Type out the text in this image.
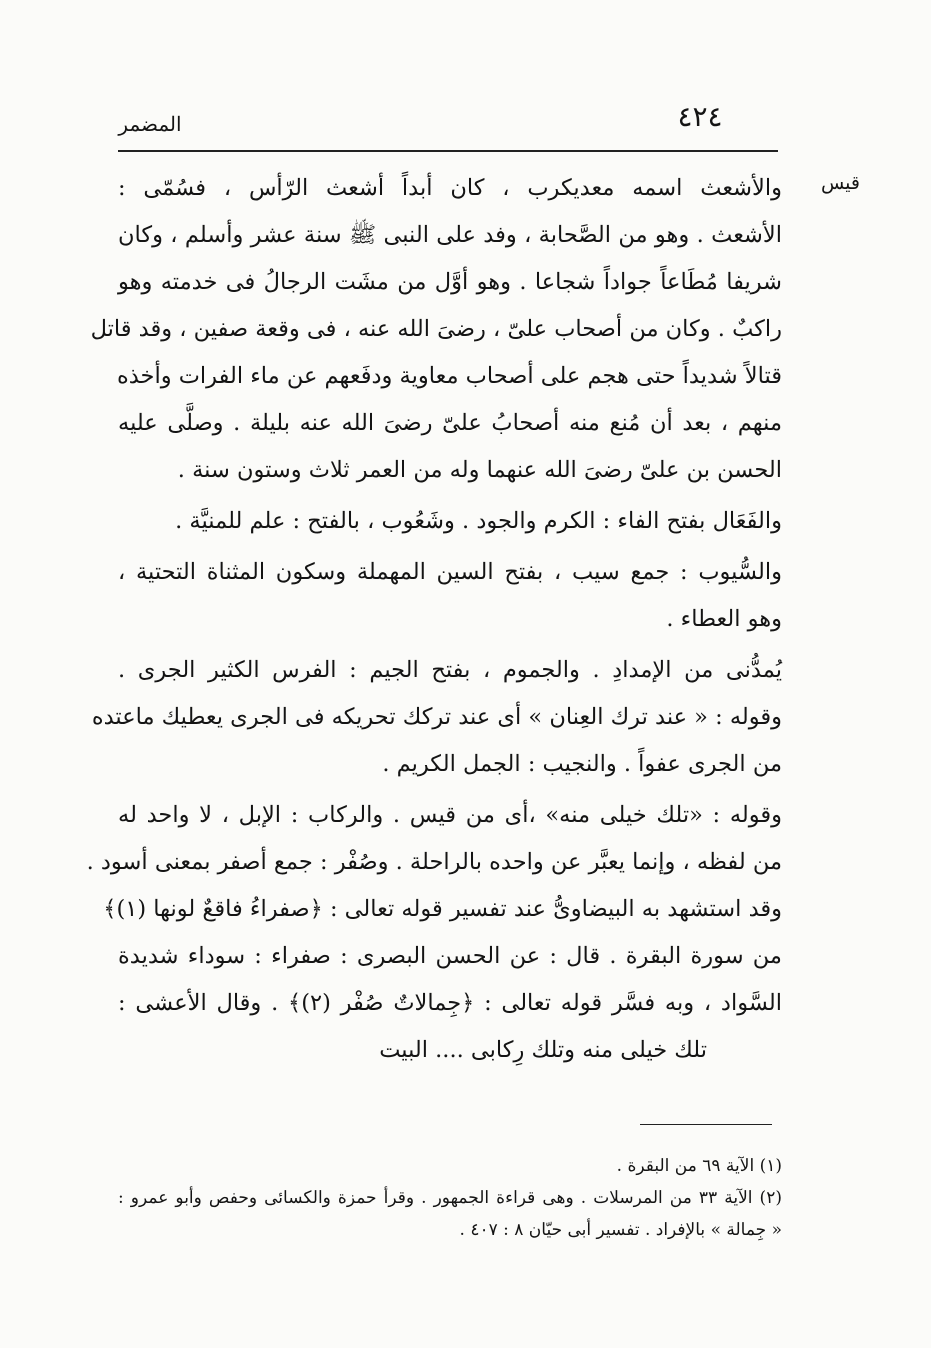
٤٢٤
المضمر
قيس
والأشعث اسمه معديكرب ، كان أبداً أشعث الرّأس ، فسُمّى :
الأشعث . وهو من الصَّحابة ، وفد على النبى ﷺ سنة عشر وأسلم ، وكان
شريفا مُطَاعاً جواداً شجاعا . وهو أوَّل من مشَت الرجالُ فى خدمته وهو
راكبٌ . وكان من أصحاب علىّ ، رضىَ الله عنه ، فى وقعة صفين ، وقد قاتل
قتالاً شديداً حتى هجم على أصحاب معاوية ودفَعهم عن ماء الفرات وأخذه
منهم ، بعد أن مُنع منه أصحابُ علىّ رضىَ الله عنه بليلة . وصلَّى عليه
الحسن بن علىّ رضىَ الله عنهما وله من العمر ثلاث وستون سنة .
والفَعَال بفتح الفاء : الكرم والجود . وشَعُوب ، بالفتح : علم للمنيَّة .
والسُّيوب : جمع سيب ، بفتح السين المهملة وسكون المثناة التحتية ،
وهو العطاء .
يُمدُّنى من الإمدادِ . والجموم ، بفتح الجيم : الفرس الكثير الجرى .
وقوله : « عند ترك العِنان » أى عند تركك تحريكه فى الجرى يعطيك ماعتده
من الجرى عفواً . والنجيب : الجمل الكريم .
وقوله : «تلك خيلى منه» ،أى من قيس . والركاب : الإبل ، لا واحد له
من لفظه ، وإنما يعبَّر عن واحده بالراحلة . وصُفْر : جمع أصفر بمعنى أسود .
وقد استشهد به البيضاوىُّ عند تفسير قوله تعالى : ﴿صفراءُ فاقعٌ لونها (١)﴾
من سورة البقرة . قال : عن الحسن البصرى : صفراء : سوداء شديدة
السَّواد ، وبه فسَّر قوله تعالى : ﴿جِمالاتٌ صُفْر (٢)﴾ . وقال الأعشى :
تلك خيلى منه وتلك رِكابى .... البيت
(١) الآية ٦٩ من البقرة .
(٢) الآية ٣٣ من المرسلات . وهى قراءة الجمهور . وقرأ حمزة والكسائى وحفص وأبو عمرو :
« جِمالة » بالإفراد . تفسير أبى حيّان ٨ : ٤٠٧ .
